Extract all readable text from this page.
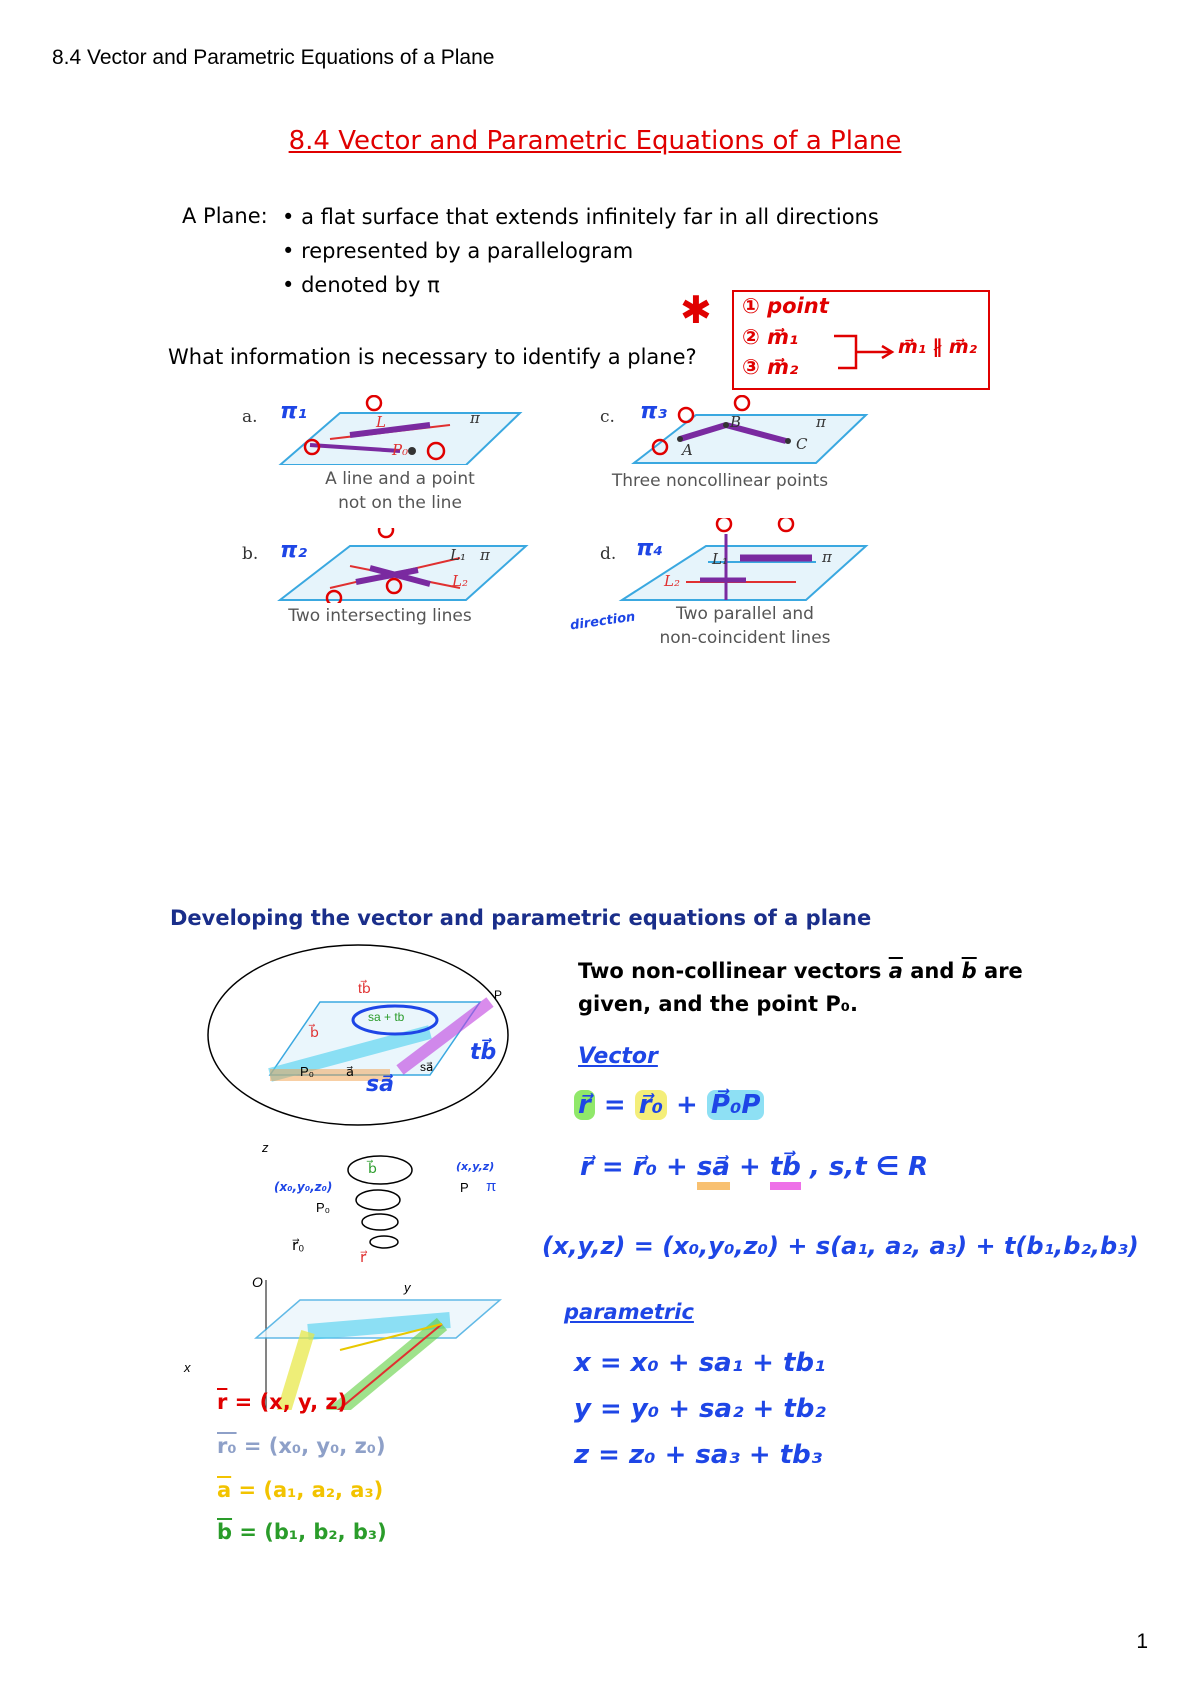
8.4 Vector and Parametric Equations of a Plane
8.4 Vector and Parametric Equations of a Plane
A Plane:	• a flat surface that extends infinitely far in all directions
• represented by a parallelogram
• denoted by π
What information is necessary to identify a plane?
✱ ① point
② m⃗₁
③ m⃗₂
m⃗₁ ∦ m⃗₂
a. π₁	L
P₀
π
A line and a point
not on the line
b. π₂	L₁
L₂
π
Two intersecting lines
c. π₃
A
B
C
π
Three noncollinear points
d. π₄	L₁
L₂
π
Two parallel and
non-coincident lines
direction
Developing the vector and parametric equations of a plane
tb⃗
sa + tb
b⃗
P₀ a⃗	sa⃗
P
sa⃗
tb⃗
z
y
x
O
b⃗
P₀
P π
(x₀,y₀,z₀)
(x,y,z)
r⃗₀
r⃗
Two non-collinear vectors $\overline{a}$ and $\overline{b}$ are
given, and the point P₀.
Vector
r⃗ = r⃗₀ + P⃗₀P
r⃗ = r⃗₀ + sa⃗ + tb⃗ , s,t ∈ R
(x,y,z) = (x₀,y₀,z₀) + s(a₁, a₂, a₃) + t(b₁,b₂,b₃)
parametric
x = x₀ + sa₁ + tb₁
y = y₀ + sa₂ + tb₂
z = z₀ + sa₃ + tb₃
$\overline{r} = (x$, y, z)
r₀ = (x₀, y₀, z₀)
$\overline{a} = (a_1$, a₂, a₃)
$\overline{b} = (b_1$, b₂, b₃)
1
